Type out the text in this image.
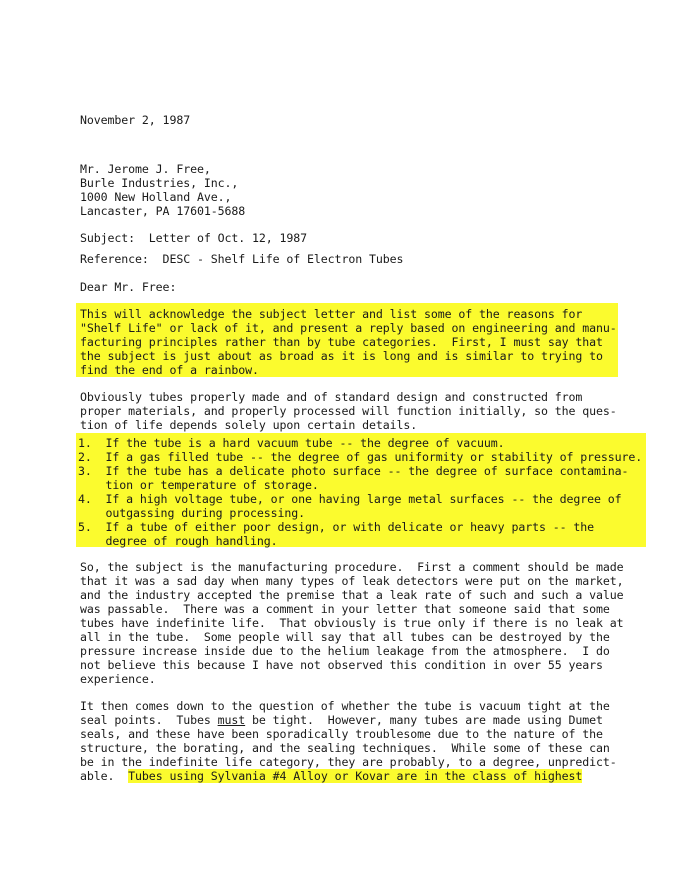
November 2, 1987
Mr. Jerome J. Free,
Burle Industries, Inc.,
1000 New Holland Ave.,
Lancaster, PA 17601-5688
Subject:  Letter of Oct. 12, 1987
Reference:  DESC - Shelf Life of Electron Tubes
Dear Mr. Free:
This will acknowledge the subject letter and list some of the reasons for
"Shelf Life" or lack of it, and present a reply based on engineering and manu-
facturing principles rather than by tube categories.  First, I must say that
the subject is just about as broad as it is long and is similar to trying to
find the end of a rainbow.
Obviously tubes properly made and of standard design and constructed from
proper materials, and properly processed will function initially, so the ques-
tion of life depends solely upon certain details.
1.  If the tube is a hard vacuum tube -- the degree of vacuum.
2.  If a gas filled tube -- the degree of gas uniformity or stability of pressure.
3.  If the tube has a delicate photo surface -- the degree of surface contamina-
tion or temperature of storage.
4.  If a high voltage tube, or one having large metal surfaces -- the degree of
outgassing during processing.
5.  If a tube of either poor design, or with delicate or heavy parts -- the
degree of rough handling.
So, the subject is the manufacturing procedure.  First a comment should be made
that it was a sad day when many types of leak detectors were put on the market,
and the industry accepted the premise that a leak rate of such and such a value
was passable.  There was a comment in your letter that someone said that some
tubes have indefinite life.  That obviously is true only if there is no leak at
all in the tube.  Some people will say that all tubes can be destroyed by the
pressure increase inside due to the helium leakage from the atmosphere.  I do
not believe this because I have not observed this condition in over 55 years
experience.
It then comes down to the question of whether the tube is vacuum tight at the
seal points.  Tubes must be tight.  However, many tubes are made using Dumet
seals, and these have been sporadically troublesome due to the nature of the
structure, the borating, and the sealing techniques.  While some of these can
be in the indefinite life category, they are probably, to a degree, unpredict-
able.  Tubes using Sylvania #4 Alloy or Kovar are in the class of highest
